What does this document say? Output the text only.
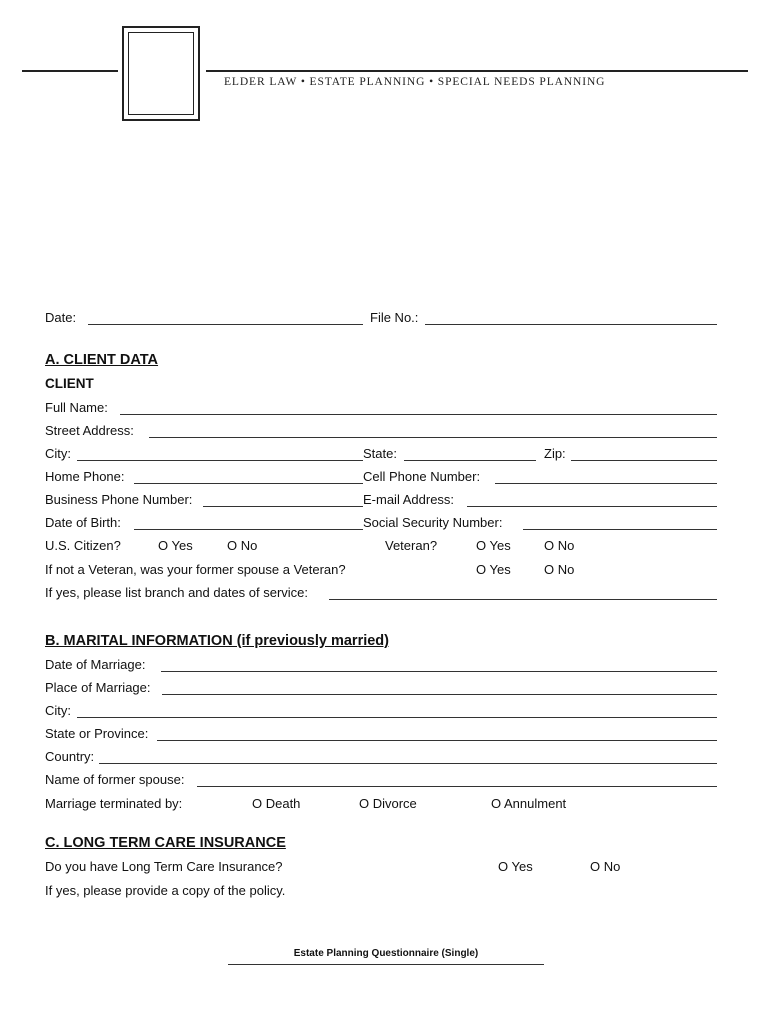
ELDER LAW • ESTATE PLANNING • SPECIAL NEEDS PLANNING
Date:	File No.:
A. CLIENT DATA
CLIENT
Full Name:
Street Address:
City:	State:	Zip:
Home Phone:	Cell Phone Number:
Business Phone Number:	E-mail Address:
Date of Birth:	Social Security Number:
U.S. Citizen?	O Yes	O No	Veteran?	O Yes	O No
If not a Veteran, was your former spouse a Veteran?	O Yes	O No
If yes, please list branch and dates of service:
B. MARITAL INFORMATION (if previously married)
Date of Marriage:
Place of Marriage:
City:
State or Province:
Country:
Name of former spouse:
Marriage terminated by:	O Death	O Divorce	O Annulment
C. LONG TERM CARE INSURANCE
Do you have Long Term Care Insurance?	O Yes	O No
If yes, please provide a copy of the policy.
Estate Planning Questionnaire (Single)
